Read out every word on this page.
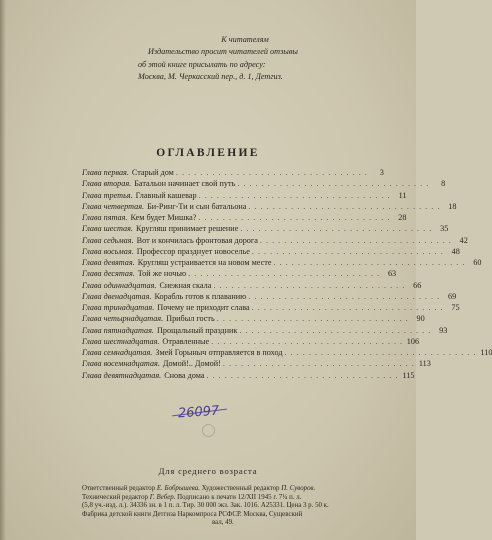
К читателям
Издательство просит читателей отзывы
об этой книге присылать по адресу:
Москва, М. Черкасский пер., д. 1, Детгиз.
ОГЛАВЛЕНИЕ
Глава первая. Старый дом . . . . . . . . . . . . . . . . . . . . . . . . . . . . . . . .	3
Глава вторая. Батальон начинает свой путь . . . . . . . . . . . . . . . . . . . . . . . . . . . . . . . .	8
Глава третья. Главный кашевар . . . . . . . . . . . . . . . . . . . . . . . . . . . . . . . . 11
Глава четвертая. Би-Ринг-Ти и сын батальона . . . . . . . . . . . . . . . . . . . . . . . . . . . . . . . . 18
Глава пятая. Кем будет Мишка? . . . . . . . . . . . . . . . . . . . . . . . . . . . . . . . . 28
Глава шестая. Кругляш принимает решение . . . . . . . . . . . . . . . . . . . . . . . . . . . . . . . . 35
Глава седьмая. Вот и кончилась фронтовая дорога . . . . . . . . . . . . . . . . . . . . . . . . . . . . . . . . 42
Глава восьмая. Профессор празднует новоселье . . . . . . . . . . . . . . . . . . . . . . . . . . . . . . . . 48
Глава девятая. Кругляш устраивается на новом месте . . . . . . . . . . . . . . . . . . . . . . . . . . . . . . . . 60
Глава десятая. Той же ночью . . . . . . . . . . . . . . . . . . . . . . . . . . . . . . . . 63
Глава одиннадцатая. Снежная скала . . . . . . . . . . . . . . . . . . . . . . . . . . . . . . . . 66
Глава двенадцатая. Корабль готов к плаванию . . . . . . . . . . . . . . . . . . . . . . . . . . . . . . . . 69
Глава тринадцатая. Почему не приходит слава . . . . . . . . . . . . . . . . . . . . . . . . . . . . . . . . 75
Глава четырнадцатая. Прибыл гость . . . . . . . . . . . . . . . . . . . . . . . . . . . . . . . . 90
Глава пятнадцатая. Прощальный праздник . . . . . . . . . . . . . . . . . . . . . . . . . . . . . . . . 93
Глава шестнадцатая. Отравленные . . . . . . . . . . . . . . . . . . . . . . . . . . . . . . . . 106
Глава семнадцатая. Змей Горыныч отправляется в поход . . . . . . . . . . . . . . . . . . . . . . . . . . . . . . . . 110
Глава восемнадцатая. Домой!.. Домой! . . . . . . . . . . . . . . . . . . . . . . . . . . . . . . . . 113
Глава девятнадцатая. Снова дома . . . . . . . . . . . . . . . . . . . . . . . . . . . . . . . . 115
26097
Для среднего возраста
Ответственный редактор Е. Бобрышева. Художественный редактор П. Суворов.
Технический редактор Г. Вебер. Подписано к печати 12/XII 1945 г. 7¼ п. л.
(5,8 уч.-изд. л.). 34336 зн. в 1 п. л. Тир. 30 000 экз. Зак. 1016. А25331. Цена 3 р. 50 к.
Фабрика детской книги Детгиза Наркомпроса РСФСР. Москва, Сущевский
вал, 49.
